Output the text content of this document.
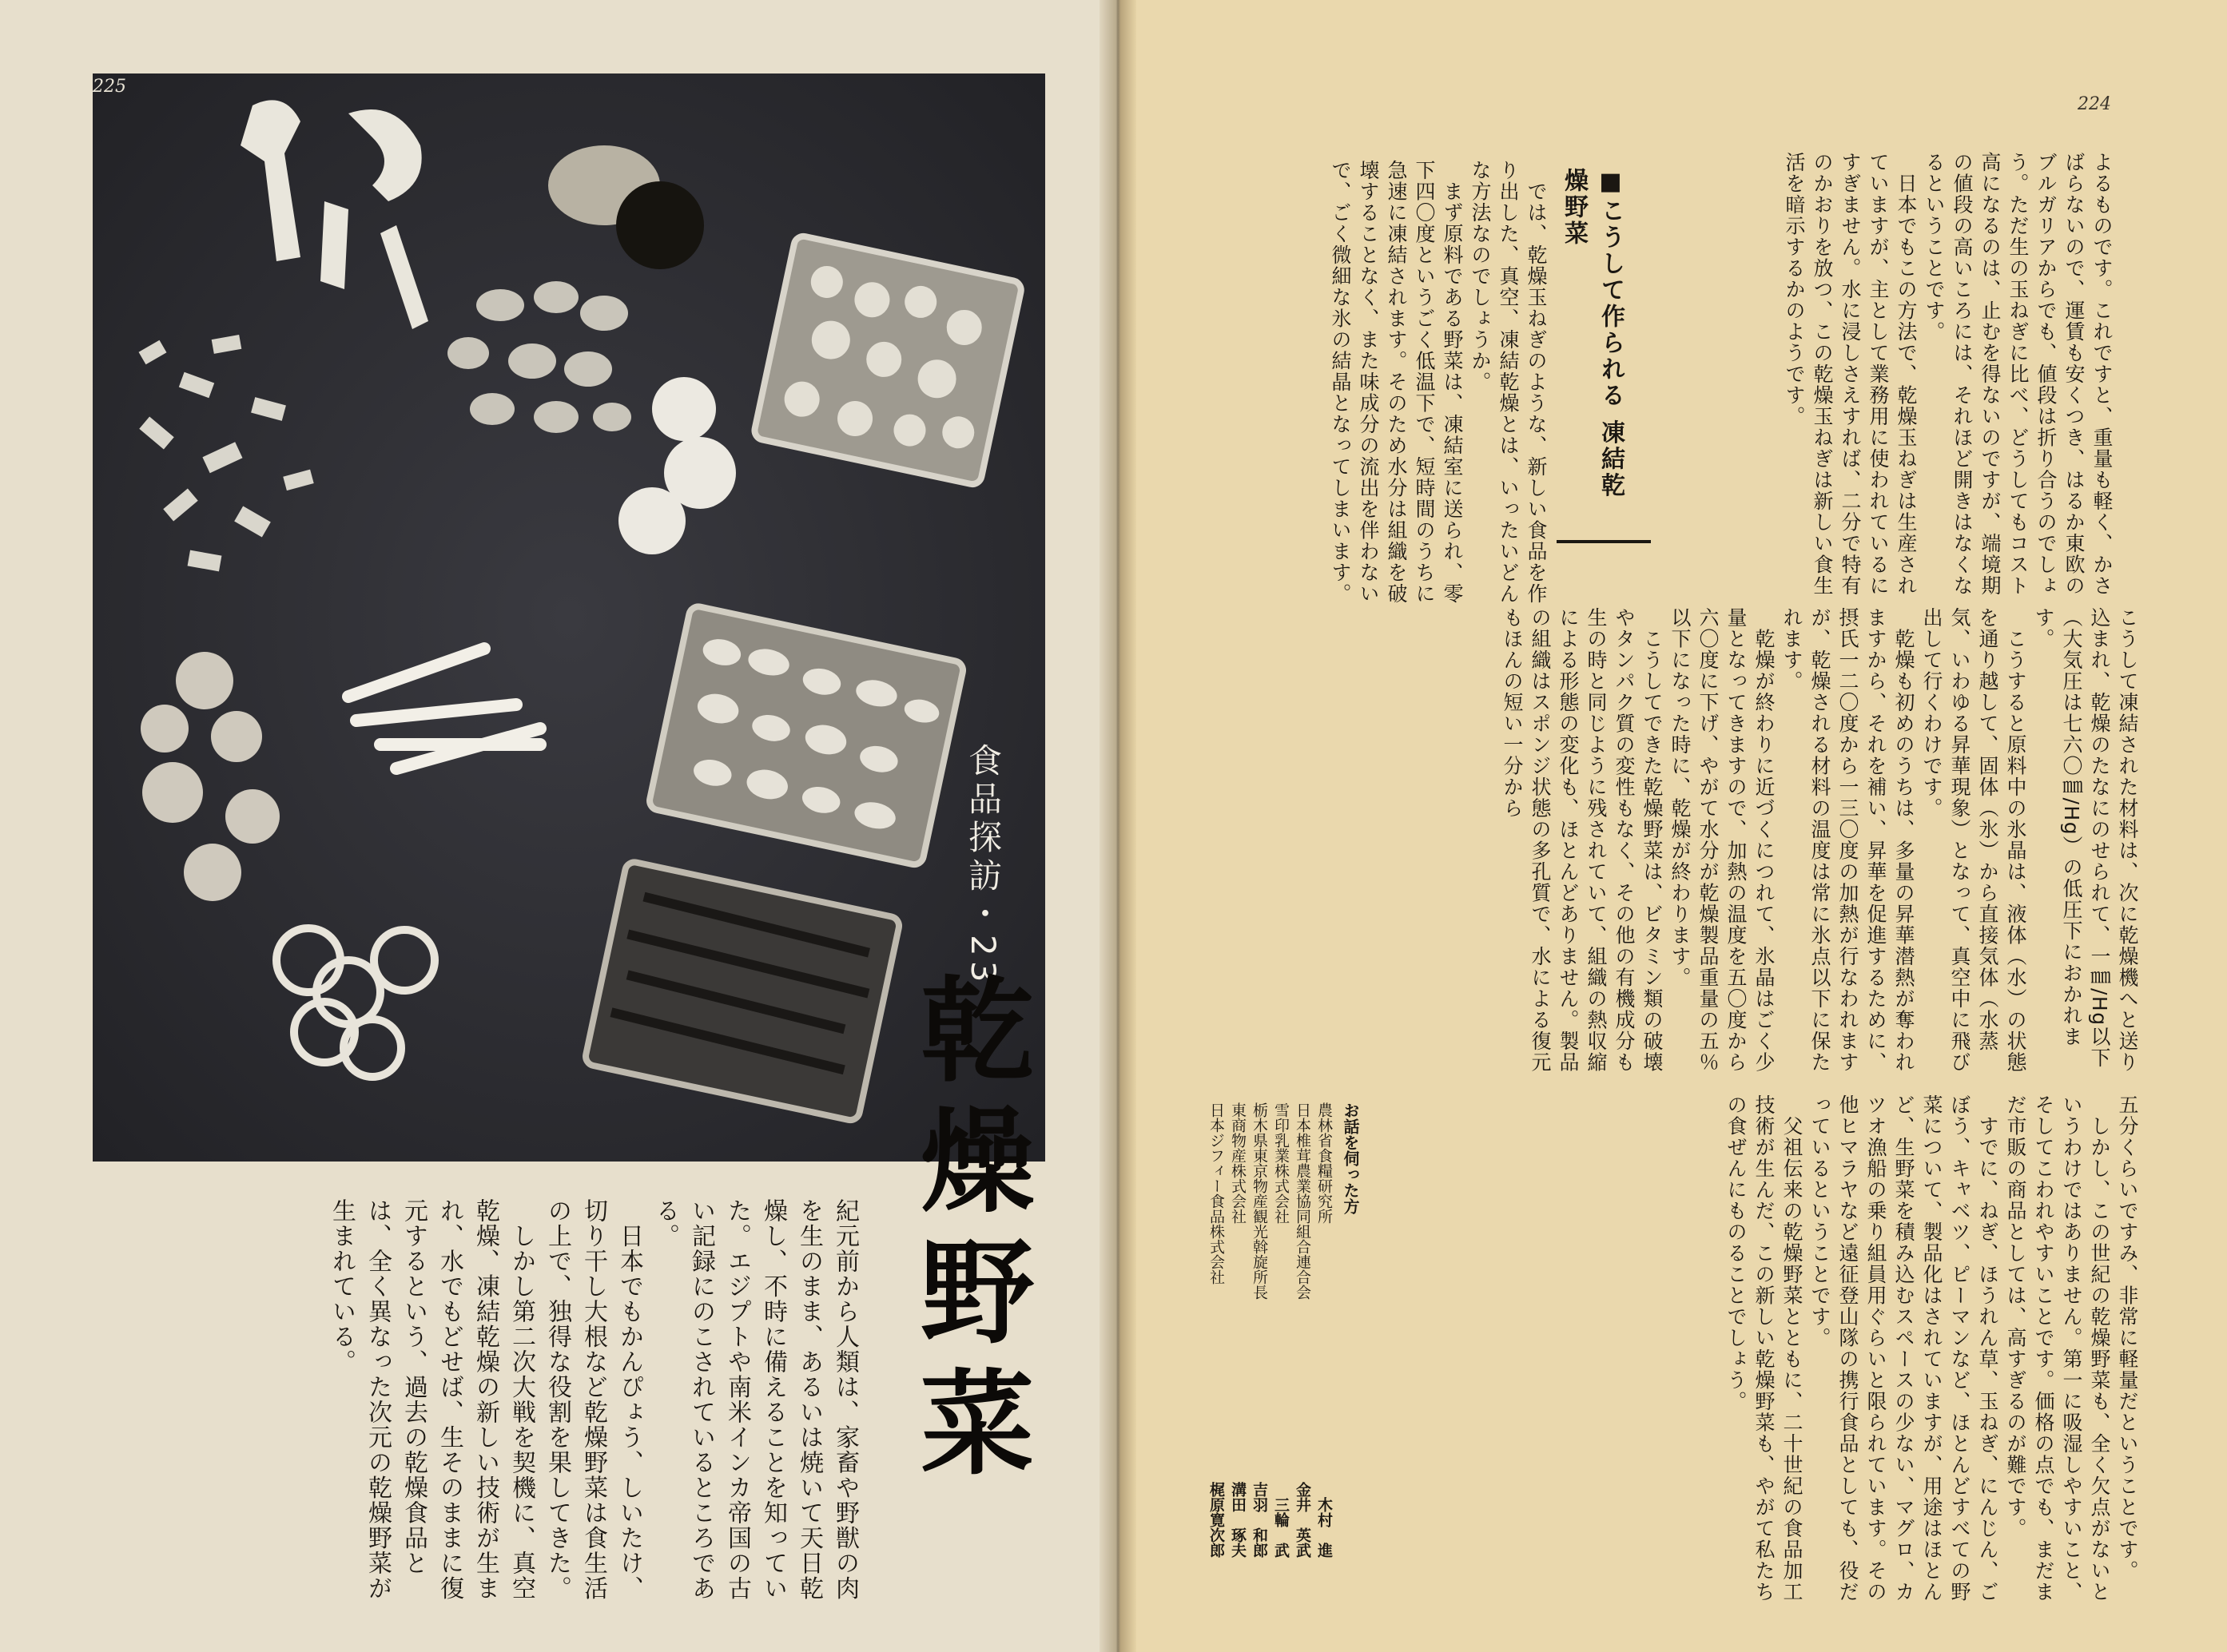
225
食品探訪・23
乾燥野菜
紀元前から人類は、家畜や野獣の肉を生のまま、あるいは焼いて天日乾燥し、不時に備えることを知っていた。エジプトや南米インカ帝国の古い記録にのこされているところである。
　日本でもかんぴょう、しいたけ、切り干し大根など乾燥野菜は食生活の上で、独得な役割を果してきた。
　しかし第二次大戦を契機に、真空乾燥、凍結乾燥の新しい技術が生まれ、水でもどせば、生そのままに復元するという、過去の乾燥食品とは、全く異なった次元の乾燥野菜が生まれている。
224
よるものです。これですと、重量も軽く、かさばらないので、運賃も安くつき、はるか東欧のブルガリアからでも、値段は折り合うのでしょう。ただ生の玉ねぎに比べ、どうしてもコスト高になるのは、止むを得ないのですが、端境期の値段の高いころには、それほど開きはなくなるということです。
　日本でもこの方法で、乾燥玉ねぎは生産されていますが、主として業務用に使われているにすぎません。水に浸しさえすれば、二分で特有のかおりを放つ、この乾燥玉ねぎは新しい食生活を暗示するかのようです。
■こうして作られる 凍結乾燥野菜
　では、乾燥玉ねぎのような、新しい食品を作り出した、真空、凍結乾燥とは、いったいどんな方法なのでしょうか。
　まず原料である野菜は、凍結室に送られ、零下四〇度というごく低温下で、短時間のうちに急速に凍結されます。そのため水分は組織を破壊することなく、また味成分の流出を伴わないで、ごく微細な氷の結晶となってしまいます。
こうして凍結された材料は、次に乾燥機へと送り込まれ、乾燥のたなにのせられて、一㎜/Hg以下（大気圧は七六〇㎜/Hg）の低圧下におかれます。
　こうすると原料中の氷晶は、液体（水）の状態を通り越して、固体（氷）から直接気体（水蒸気、いわゆる昇華現象）となって、真空中に飛び出して行くわけです。
　乾燥も初めのうちは、多量の昇華潜熱が奪われますから、それを補い、昇華を促進するために、摂氏一二〇度から一三〇度の加熱が行なわれますが、乾燥される材料の温度は常に氷点以下に保たれます。
　乾燥が終わりに近づくにつれて、氷晶はごく少量となってきますので、加熱の温度を五〇度から六〇度に下げ、やがて水分が乾燥製品重量の五％以下になった時に、乾燥が終わります。
　こうしてできた乾燥野菜は、ビタミン類の破壊やタンパク質の変性もなく、その他の有機成分も生の時と同じように残されていて、組織の熱収縮による形態の変化も、ほとんどありません。製品の組織はスポンジ状態の多孔質で、水による復元もほんの短い一分から
五分くらいですみ、非常に軽量だということです。
　しかし、この世紀の乾燥野菜も、全く欠点がないというわけではありません。第一に吸湿しやすいこと、そしてこわれやすいことです。価格の点でも、まだまだ市販の商品としては、高すぎるのが難です。
　すでに、ねぎ、ほうれん草、玉ねぎ、にんじん、ごぼう、キャベツ、ピーマンなど、ほとんどすべての野菜について、製品化はされていますが、用途はほとんど、生野菜を積み込むスペースの少ない、マグロ、カツオ漁船の乗り組員用ぐらいと限られています。その他ヒマラヤなど遠征登山隊の携行食品としても、役だっているということです。
　父祖伝来の乾燥野菜とともに、二十世紀の食品加工技術が生んだ、この新しい乾燥野菜も、やがて私たちの食ぜんにものることでしょう。
お話を伺った方
農林省食糧研究所
木村　進
日本椎茸農業協同組合連合会
金井　英武
雪印乳業株式会社
三輪　武
栃木県東京物産観光斡旋所長
吉羽　和郎
東商物産株式会社
溝田　琢夫
日本ジフィー食品株式会社
梶原寛次郎
